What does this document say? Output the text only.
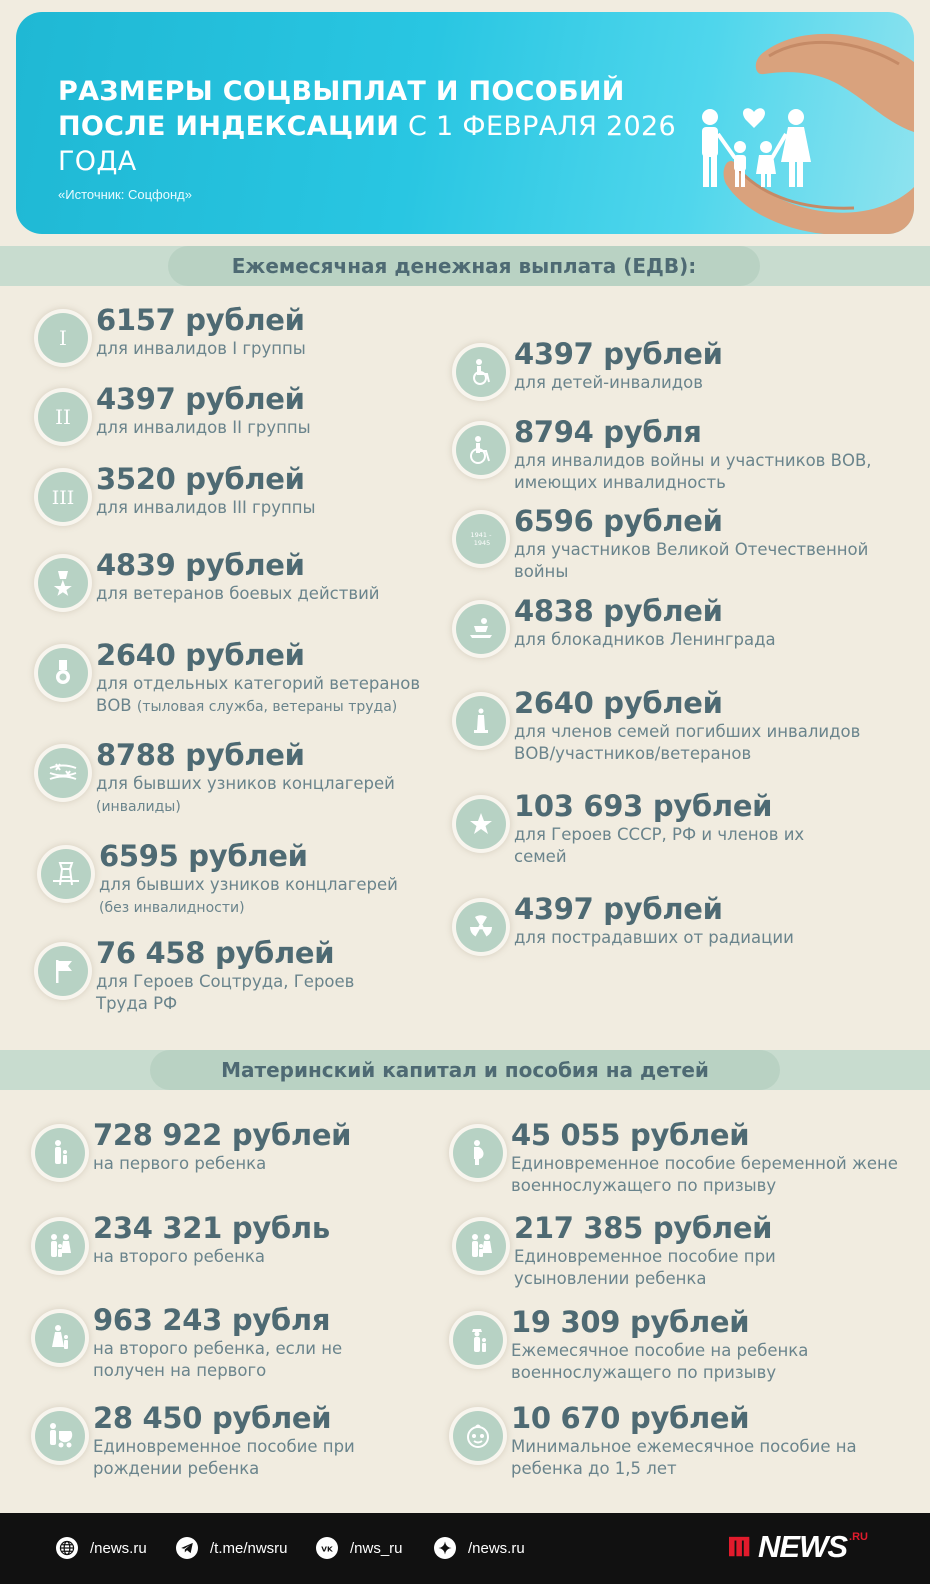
РАЗМЕРЫ СОЦВЫПЛАТ И ПОСОБИЙ ПОСЛЕ ИНДЕКСАЦИИ С 1 ФЕВРАЛЯ 2026 ГОДА
«Источник: Соцфонд»
Ежемесячная денежная выплата (ЕДВ):
I
6157 рублей
для инвалидов I группы
II
4397 рублей
для инвалидов II группы
III
3520 рублей
для инвалидов III группы
4839 рублей
для ветеранов боевых действий
2640 рублей
для отдельных категорий ветеранов ВОВ (тыловая служба, ветераны труда)
8788 рублей
для бывших узников концлагерей
(инвалиды)
6595 рублей
для бывших узников концлагерей
(без инвалидности)
76 458 рублей
для Героев Соцтруда, Героев Труда РФ
4397 рублей
для детей-инвалидов
8794 рубля
для инвалидов войны и участников ВОВ, имеющих инвалидность
1941 -
1945
6596 рублей
для участников Великой Отечественной войны
4838 рублей
для блокадников Ленинграда
2640 рублей
для членов семей погибших инвалидов ВОВ/участников/ветеранов
103 693 рублей
для Героев СССР, РФ и членов их семей
4397 рублей
для пострадавших от радиации
Материнский капитал и пособия на детей
728 922 рублей
на первого ребенка
234 321 рубль
на второго ребенка
963 243 рубля
на второго ребенка, если не получен на первого
28 450 рублей
Единовременное пособие при рождении ребенка
45 055 рублей
Единовременное пособие беременной жене военнослужащего по призыву
217 385 рублей
Единовременное пособие при усыновлении ребенка
19 309 рублей
Ежемесячное пособие на ребенка военнослужащего по призыву
10 670 рублей
Минимальное ежемесячное пособие на ребенка до 1,5 лет
/news.ru	/t.me/nwsru	VK /nws_ru	/news.ru	NEWS .RU
